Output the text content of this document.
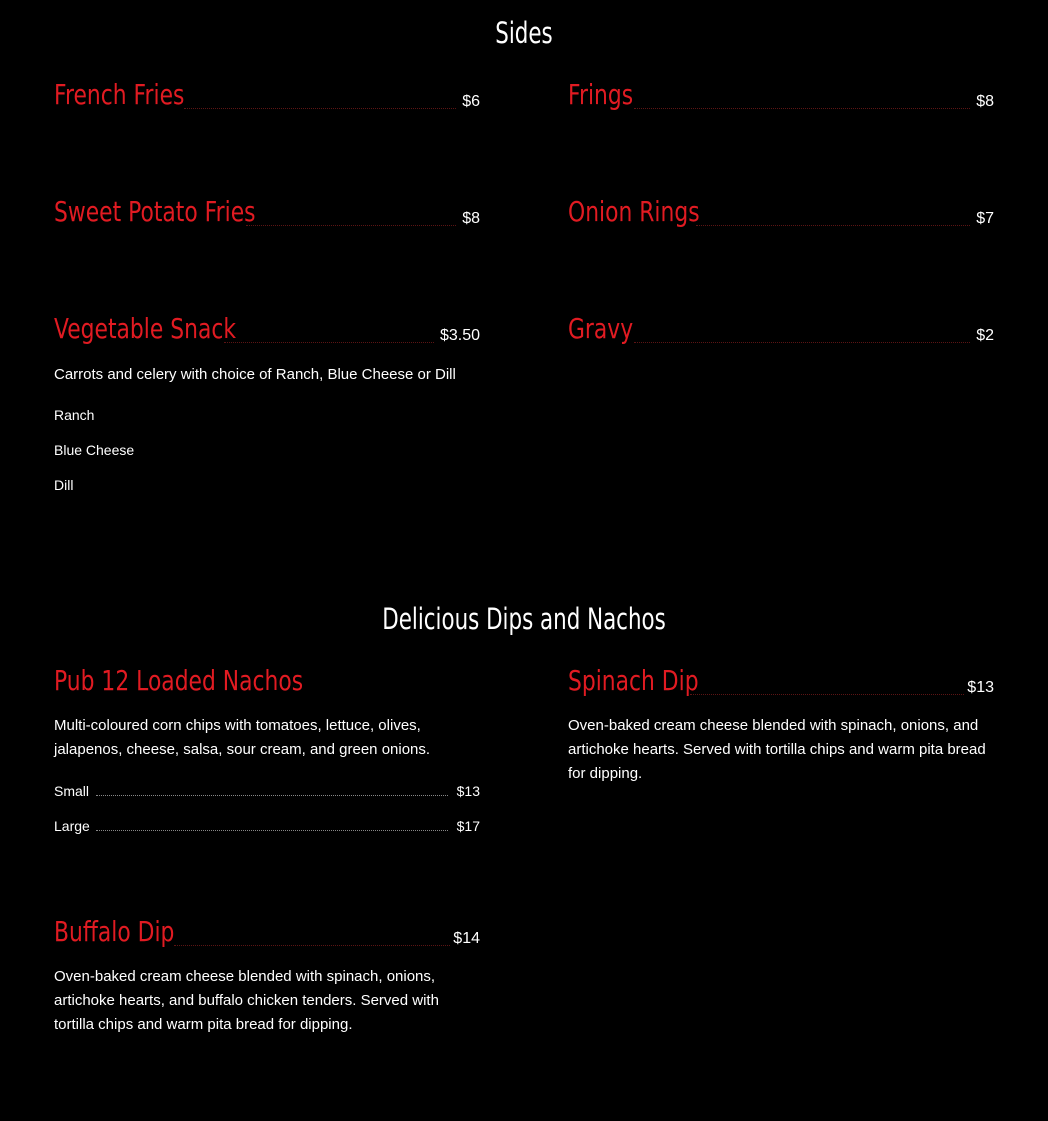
Sides
French Fries	$6	Frings	$8
Sweet Potato Fries	$8	Onion Rings	$7
Vegetable Snack	$3.50
Carrots and celery with choice of Ranch, Blue Cheese or Dill
Ranch
Blue Cheese
Dill
Gravy	$2
Delicious Dips and Nachos
Pub 12 Loaded Nachos
Multi-coloured corn chips with tomatoes, lettuce, olives, jalapenos, cheese, salsa, sour cream, and green onions.
Small	$13
Large	$17
Spinach Dip	$13
Oven-baked cream cheese blended with spinach, onions, and artichoke hearts. Served with tortilla chips and warm pita bread for dipping.
Buffalo Dip	$14
Oven-baked cream cheese blended with spinach, onions, artichoke hearts, and buffalo chicken tenders. Served with tortilla chips and warm pita bread for dipping.
